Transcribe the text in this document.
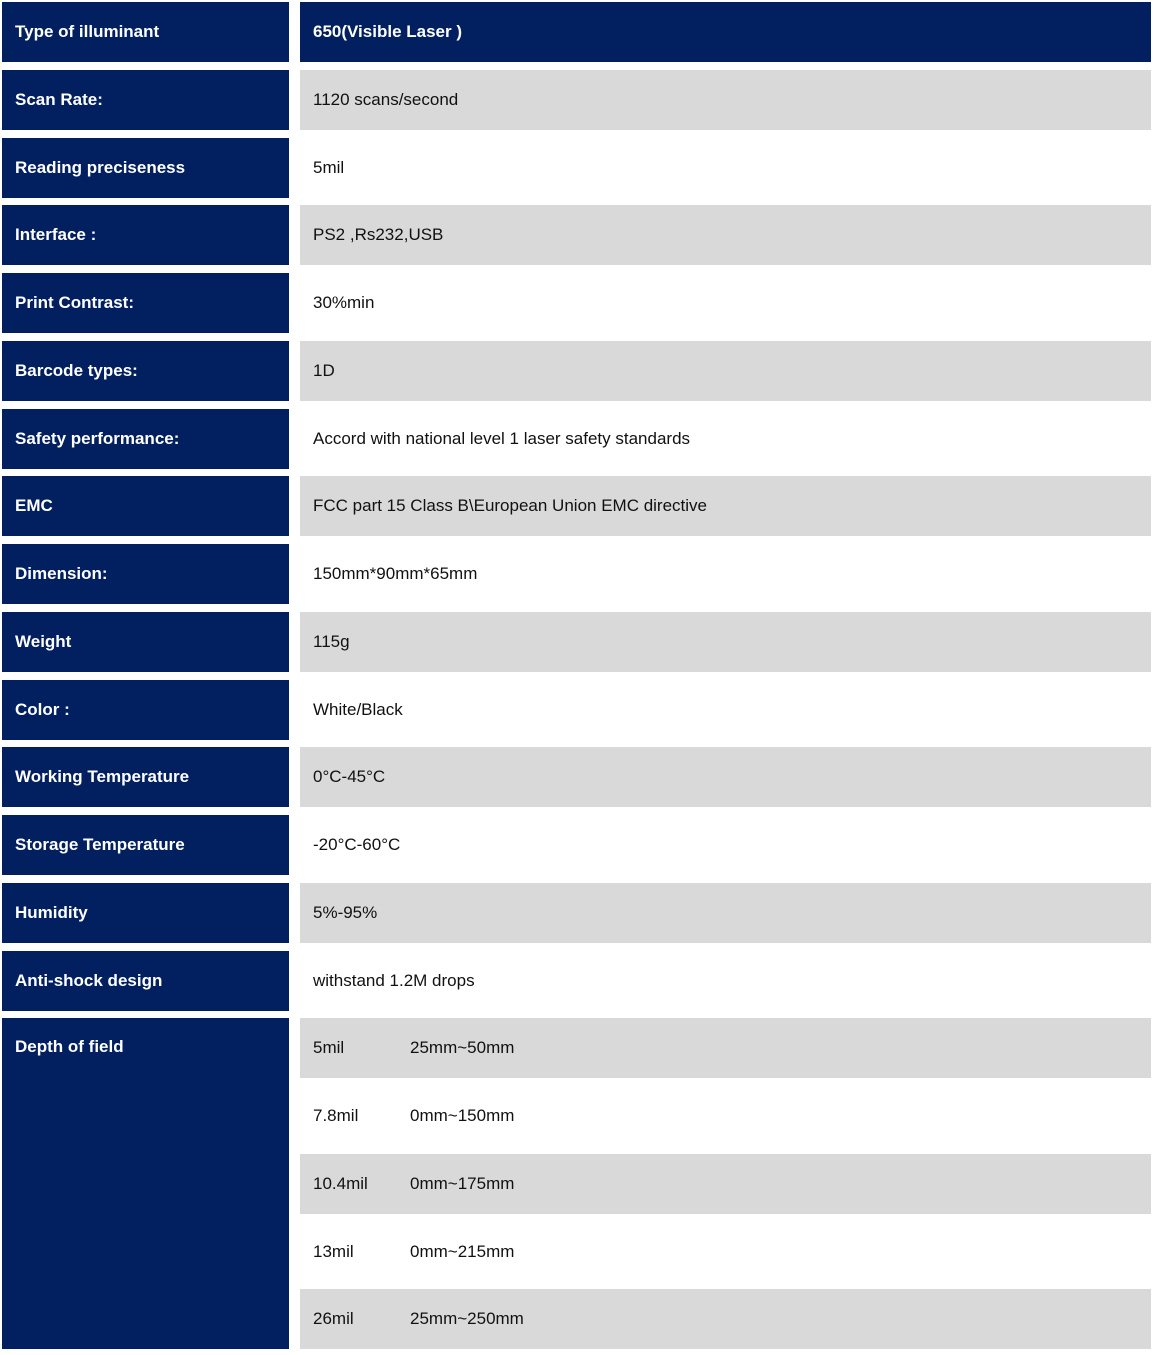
Type of illuminant	650(Visible Laser )
Scan Rate:	1120 scans/second
Reading preciseness	5mil
Interface :	PS2 ,Rs232,USB
Print Contrast:	30%min
Barcode types:	1D
Safety performance:	Accord with national level 1 laser safety standards
EMC	FCC part 15 Class B\European Union EMC directive
Dimension:	150mm*90mm*65mm
Weight	115g
Color :	White/Black
Working Temperature	0°C-45°C
Storage Temperature	-20°C-60°C
Humidity	5%-95%
Anti-shock design	withstand 1.2M drops
Depth of field	5mil	25mm~50mm
7.8mil	0mm~150mm
10.4mil	0mm~175mm
13mil	0mm~215mm
26mil	25mm~250mm
